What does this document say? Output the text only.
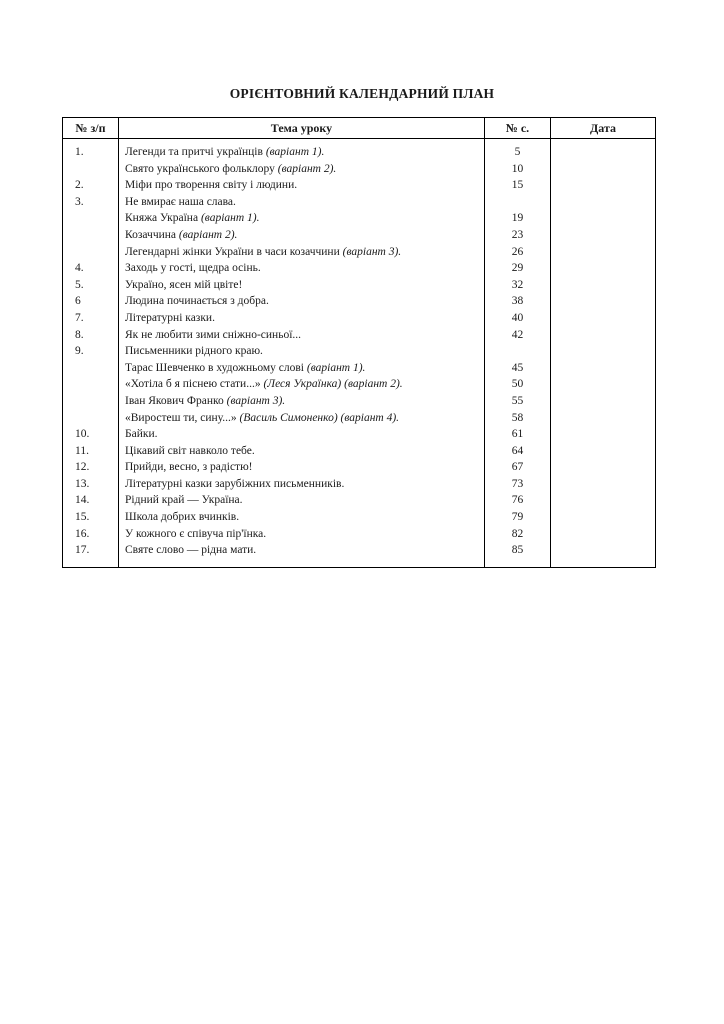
ОРІЄНТОВНИЙ КАЛЕНДАРНИЙ ПЛАН
№ з/п	Тема уроку	№ с.	Дата
1.	Легенди та притчі українців (варіант 1).	5	
	Свято українського фольклору (варіант 2).	10	
2.	Міфи про творення світу і людини.	15	
3.	Не вмирає наша слава.		
	Княжа Україна (варіант 1).	19	
	Козаччина (варіант 2).	23	
	Легендарні жінки України в часи козаччини (варіант 3).	26	
4.	Заходь у гості, щедра осінь.	29	
5.	Україно, ясен мій цвіте!	32	
6	Людина починається з добра.	38	
7.	Літературні казки.	40	
8.	Як не любити зими сніжно-синьої...	42	
9.	Письменники рідного краю.		
	Тарас Шевченко в художньому слові (варіант 1).	45	
	«Хотіла б я піснею стати...» (Леся Українка) (варіант 2).	50	
	Іван Якович Франко (варіант 3).	55	
	«Виростеш ти, сину...» (Василь Симоненко) (варіант 4).	58	
10.	Байки.	61	
11.	Цікавий світ навколо тебе.	64	
12.	Прийди, весно, з радістю!	67	
13.	Літературні казки зарубіжних письменників.	73	
14.	Рідний край — Україна.	76	
15.	Школа добрих вчинків.	79	
16.	У кожного є співуча пір'їнка.	82	
17.	Святе слово — рідна мати.	85	
